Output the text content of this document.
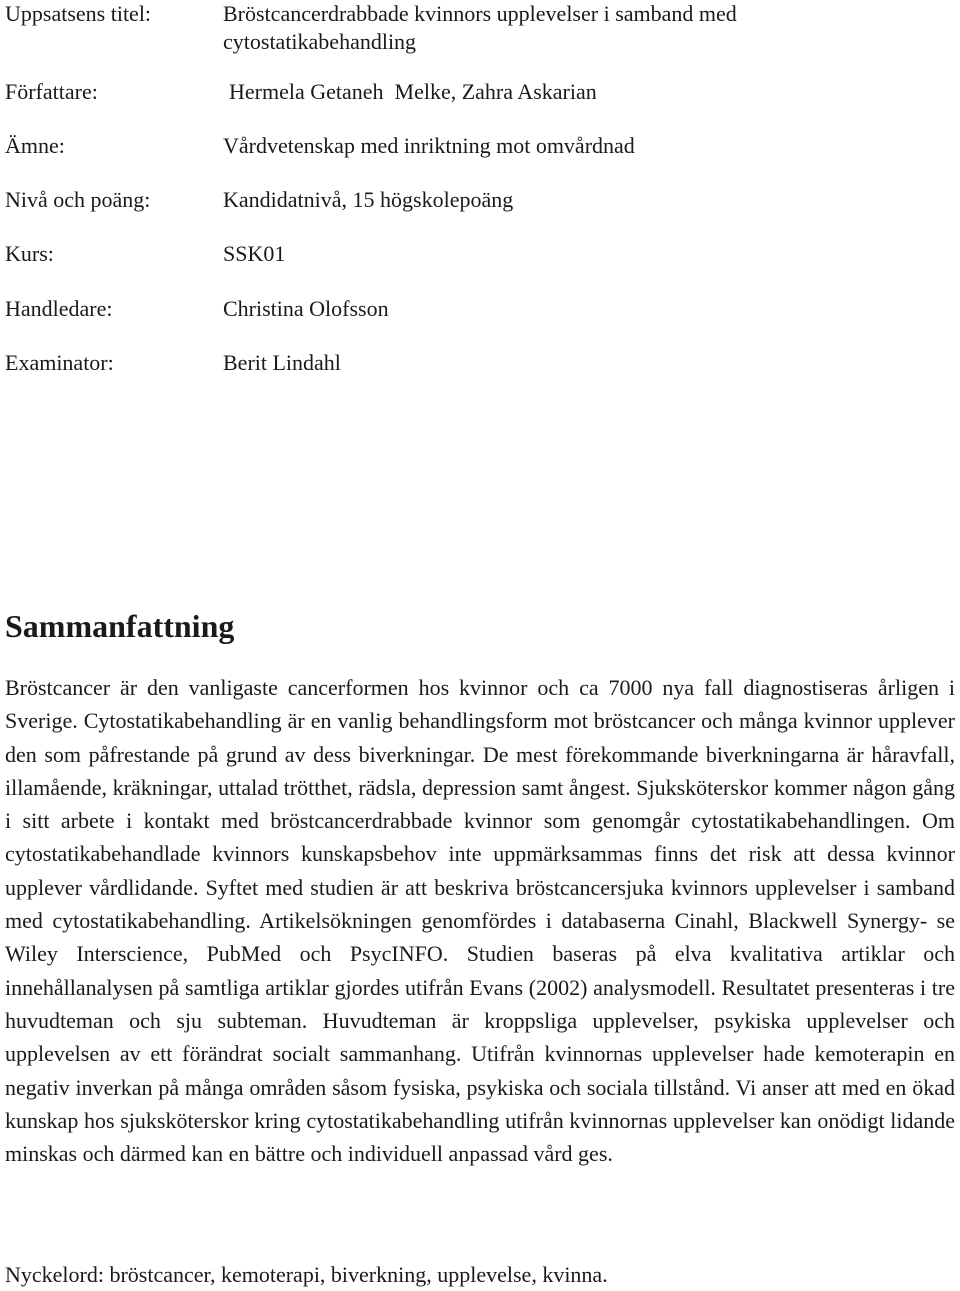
Uppsatsens titel:	Bröstcancerdrabbade kvinnors upplevelser i samband med cytostatikabehandling
Författare:	Hermela Getaneh  Melke, Zahra Askarian
Ämne:	Vårdvetenskap med inriktning mot omvårdnad
Nivå och poäng:	Kandidatnivå, 15 högskolepoäng
Kurs:	SSK01
Handledare:	Christina Olofsson
Examinator:	Berit Lindahl
Sammanfattning

Bröstcancer är den vanligaste cancerformen hos kvinnor och ca 7000 nya fall diagnostiseras årligen i Sverige. Cytostatikabehandling är en vanlig behandlingsform mot bröstcancer och många kvinnor upplever den som påfrestande på grund av dess biverkningar. De mest förekommande biverkningarna är håravfall, illamående, kräkningar, uttalad trötthet, rädsla, depression samt ångest. Sjuksköterskor kommer någon gång i sitt arbete i kontakt med bröstcancerdrabbade kvinnor som genomgår cytostatikabehandlingen. Om cytostatikabehandlade kvinnors kunskapsbehov inte uppmärksammas finns det risk att dessa kvinnor upplever vårdlidande. Syftet med studien är att beskriva bröstcancersjuka kvinnors upplevelser i samband med cytostatikabehandling. Artikelsökningen genomfördes i databaserna Cinahl, Blackwell Synergy- se Wiley Interscience, PubMed och PsycINFO. Studien baseras på elva kvalitativa artiklar och innehållanalysen på samtliga artiklar gjordes utifrån Evans (2002) analysmodell. Resultatet presenteras i tre huvudteman och sju subteman. Huvudteman är kroppsliga upplevelser, psykiska upplevelser och upplevelsen av ett förändrat socialt sammanhang. Utifrån kvinnornas upplevelser hade kemoterapin en negativ inverkan på många områden såsom fysiska, psykiska och sociala tillstånd. Vi anser att med en ökad kunskap hos sjuksköterskor kring cytostatikabehandling utifrån kvinnornas upplevelser kan onödigt lidande minskas och därmed kan en bättre och individuell anpassad vård ges.

Nyckelord: bröstcancer, kemoterapi, biverkning, upplevelse, kvinna.
